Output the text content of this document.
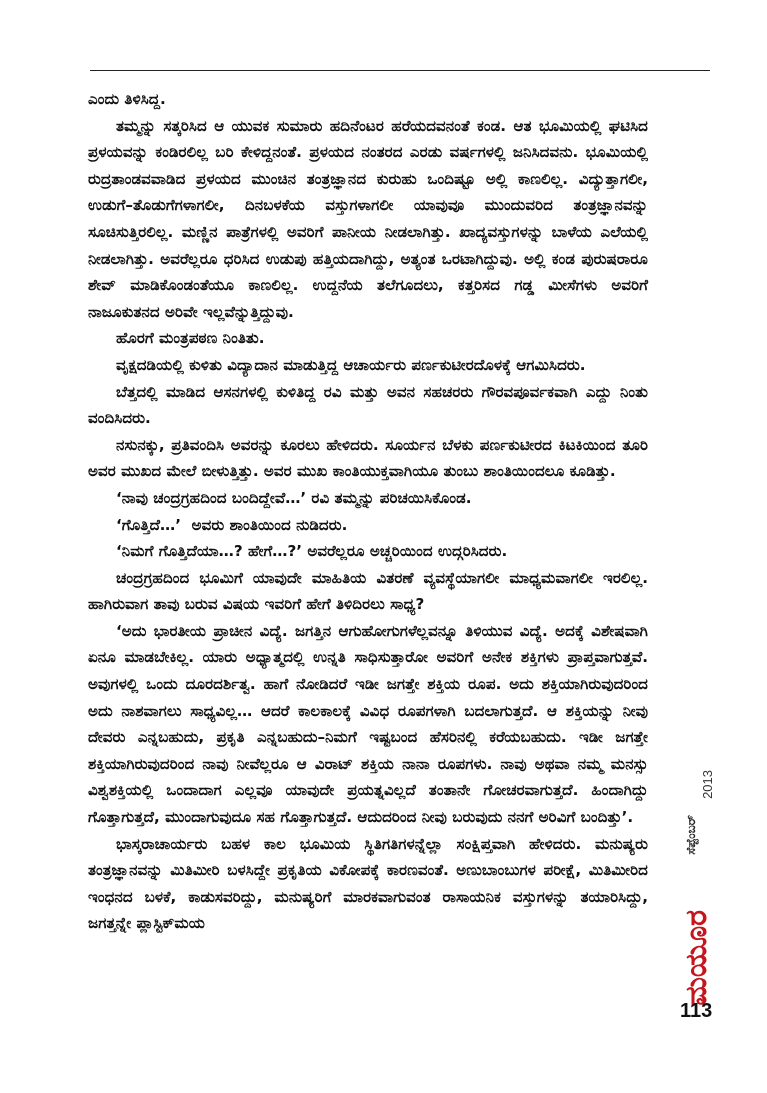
ಎಂದು ತಿಳಿಸಿದ್ದ.

ತಮ್ಮನ್ನು ಸತ್ಕರಿಸಿದ ಆ ಯುವಕ ಸುಮಾರು ಹದಿನೆಂಟರ ಹರೆಯದವನಂತೆ ಕಂಡ. ಆತ ಭೂಮಿಯಲ್ಲಿ ಘಟಿಸಿದ ಪ್ರಳಯವನ್ನು ಕಂಡಿರಲಿಲ್ಲ ಬರಿ ಕೇಳಿದ್ದನಂತೆ. ಪ್ರಳಯದ ನಂತರದ ಎರಡು ವರ್ಷಗಳಲ್ಲಿ ಜನಿಸಿದವನು. ಭೂಮಿಯಲ್ಲಿ ರುದ್ರತಾಂಡವವಾಡಿದ ಪ್ರಳಯದ ಮುಂಚಿನ ತಂತ್ರಜ್ಞಾನದ ಕುರುಹು ಒಂದಿಷ್ಟೂ ಅಲ್ಲಿ ಕಾಣಲಿಲ್ಲ. ವಿದ್ಯುತ್ತಾಗಲೀ, ಉಡುಗೆ–ತೊಡುಗೆಗಳಾಗಲೀ, ದಿನಬಳಕೆಯ ವಸ್ತುಗಳಾಗಲೀ ಯಾವುವೂ ಮುಂದುವರಿದ ತಂತ್ರಜ್ಞಾನವನ್ನು ಸೂಚಿಸುತ್ತಿರಲಿಲ್ಲ. ಮಣ್ಣಿನ ಪಾತ್ರೆಗಳಲ್ಲಿ ಅವರಿಗೆ ಪಾನೀಯ ನೀಡಲಾಗಿತ್ತು. ಖಾದ್ಯವಸ್ತುಗಳನ್ನು ಬಾಳೆಯ ಎಲೆಯಲ್ಲಿ ನೀಡಲಾಗಿತ್ತು. ಅವರೆಲ್ಲರೂ ಧರಿಸಿದ ಉಡುಪು ಹತ್ತಿಯದಾಗಿದ್ದು, ಅತ್ಯಂತ ಒರಟಾಗಿದ್ದುವು. ಅಲ್ಲಿ ಕಂಡ ಪುರುಷರಾರೂ ಶೇವ್ ಮಾಡಿಕೊಂಡಂತೆಯೂ ಕಾಣಲಿಲ್ಲ. ಉದ್ದನೆಯ ತಲೆಗೂದಲು, ಕತ್ತರಿಸದ ಗಡ್ಡ ಮೀಸೆಗಳು ಅವರಿಗೆ ನಾಜೂಕುತನದ ಅರಿವೇ ಇಲ್ಲವೆನ್ನುತ್ತಿದ್ದುವು.

ಹೊರಗೆ ಮಂತ್ರಪಠಣ ನಿಂತಿತು.

ವೃಕ್ಷದಡಿಯಲ್ಲಿ ಕುಳಿತು ವಿದ್ಯಾದಾನ ಮಾಡುತ್ತಿದ್ದ ಆಚಾರ್ಯರು ಪರ್ಣಕುಟೀರದೊಳಕ್ಕೆ ಆಗಮಿಸಿದರು.

ಬೆತ್ತದಲ್ಲಿ ಮಾಡಿದ ಆಸನಗಳಲ್ಲಿ ಕುಳಿತಿದ್ದ ರವಿ ಮತ್ತು ಅವನ ಸಹಚರರು ಗೌರವಪೂರ್ವಕವಾಗಿ ಎದ್ದು ನಿಂತು ವಂದಿಸಿದರು.

ನಸುನಕ್ಕು, ಪ್ರತಿವಂದಿಸಿ ಅವರನ್ನು ಕೂರಲು ಹೇಳಿದರು. ಸೂರ್ಯನ ಬೆಳಕು ಪರ್ಣಕುಟೀರದ ಕಿಟಕಿಯಿಂದ ತೂರಿ ಅವರ ಮುಖದ ಮೇಲೆ ಬೀಳುತ್ತಿತ್ತು. ಅವರ ಮುಖ ಕಾಂತಿಯುಕ್ತವಾಗಿಯೂ ತುಂಬು ಶಾಂತಿಯಿಂದಲೂ ಕೂಡಿತ್ತು.

‘ನಾವು ಚಂದ್ರಗ್ರಹದಿಂದ ಬಂದಿದ್ದೇವೆ…’ ರವಿ ತಮ್ಮನ್ನು ಪರಿಚಯಿಸಿಕೊಂಡ.

‘ಗೊತ್ತಿದೆ…’  ಅವರು ಶಾಂತಿಯಿಂದ ನುಡಿದರು.

‘ನಿಮಗೆ ಗೊತ್ತಿದೆಯಾ…? ಹೇಗೆ…?’ ಅವರೆಲ್ಲರೂ ಅಚ್ಚರಿಯಿಂದ ಉದ್ಗರಿಸಿದರು.

ಚಂದ್ರಗ್ರಹದಿಂದ ಭೂಮಿಗೆ ಯಾವುದೇ ಮಾಹಿತಿಯ ವಿತರಣೆ ವ್ಯವಸ್ಥೆಯಾಗಲೀ ಮಾಧ್ಯಮವಾಗಲೀ ಇರಲಿಲ್ಲ. ಹಾಗಿರುವಾಗ ತಾವು ಬರುವ ವಿಷಯ ಇವರಿಗೆ ಹೇಗೆ ತಿಳಿದಿರಲು ಸಾಧ್ಯ?

‘ಅದು ಭಾರತೀಯ ಪ್ರಾಚೀನ ವಿದ್ಯೆ. ಜಗತ್ತಿನ ಆಗುಹೋಗುಗಳೆಲ್ಲವನ್ನೂ ತಿಳಿಯುವ ವಿದ್ಯೆ. ಅದಕ್ಕೆ ವಿಶೇಷವಾಗಿ ಏನೂ ಮಾಡಬೇಕಿಲ್ಲ. ಯಾರು ಅಧ್ಯಾತ್ಮದಲ್ಲಿ ಉನ್ನತಿ ಸಾಧಿಸುತ್ತಾರೋ ಅವರಿಗೆ ಅನೇಕ ಶಕ್ತಿಗಳು ಪ್ರಾಪ್ತವಾಗುತ್ತವೆ. ಅವುಗಳಲ್ಲಿ ಒಂದು ದೂರದರ್ಶಿತ್ವ. ಹಾಗೆ ನೋಡಿದರೆ ಇಡೀ ಜಗತ್ತೇ ಶಕ್ತಿಯ ರೂಪ. ಅದು ಶಕ್ತಿಯಾಗಿರುವುದರಿಂದ ಅದು ನಾಶವಾಗಲು ಸಾಧ್ಯವಿಲ್ಲ… ಆದರೆ ಕಾಲಕಾಲಕ್ಕೆ ವಿವಿಧ ರೂಪಗಳಾಗಿ ಬದಲಾಗುತ್ತದೆ. ಆ ಶಕ್ತಿಯನ್ನು ನೀವು ದೇವರು ಎನ್ನಬಹುದು, ಪ್ರಕೃತಿ ಎನ್ನಬಹುದು–ನಿಮಗೆ ಇಷ್ಟಬಂದ ಹೆಸರಿನಲ್ಲಿ ಕರೆಯಬಹುದು. ಇಡೀ ಜಗತ್ತೇ ಶಕ್ತಿಯಾಗಿರುವುದರಿಂದ ನಾವು ನೀವೆಲ್ಲರೂ ಆ ವಿರಾಟ್ ಶಕ್ತಿಯ ನಾನಾ ರೂಪಗಳು. ನಾವು ಅಥವಾ ನಮ್ಮ ಮನಸ್ಸು ವಿಶ್ವಶಕ್ತಿಯಲ್ಲಿ ಒಂದಾದಾಗ ಎಲ್ಲವೂ ಯಾವುದೇ ಪ್ರಯತ್ನವಿಲ್ಲದೆ ತಂತಾನೇ ಗೋಚರವಾಗುತ್ತದೆ. ಹಿಂದಾಗಿದ್ದು ಗೊತ್ತಾಗುತ್ತದೆ, ಮುಂದಾಗುವುದೂ ಸಹ ಗೊತ್ತಾಗುತ್ತದೆ. ಆದುದರಿಂದ ನೀವು ಬರುವುದು ನನಗೆ ಅರಿವಿಗೆ ಬಂದಿತ್ತು’.

ಭಾಸ್ಕರಾಚಾರ್ಯರು ಬಹಳ ಕಾಲ ಭೂಮಿಯ ಸ್ಥಿತಿಗತಿಗಳನ್ನೆಲ್ಲಾ ಸಂಕ್ಷಿಪ್ತವಾಗಿ ಹೇಳಿದರು. ಮನುಷ್ಯರು ತಂತ್ರಜ್ಞಾನವನ್ನು ಮಿತಿಮೀರಿ ಬಳಸಿದ್ದೇ ಪ್ರಕೃತಿಯ ವಿಕೋಪಕ್ಕೆ ಕಾರಣವಂತೆ. ಅಣುಬಾಂಬುಗಳ ಪರೀಕ್ಷೆ, ಮಿತಿಮೀರಿದ ಇಂಧನದ ಬಳಕೆ, ಕಾಡುಸವರಿದ್ದು, ಮನುಷ್ಯರಿಗೆ ಮಾರಕವಾಗುವಂತ ರಾಸಾಯನಿಕ ವಸ್ತುಗಳನ್ನು ತಯಾರಿಸಿದ್ದು, ಜಗತ್ತನ್ನೇ ಪ್ಲಾಸ್ಟಿಕ್‌ಮಯ

2013
ಸೆಪ್ಟೆಂಬರ್
ಮಯೂರ
113
